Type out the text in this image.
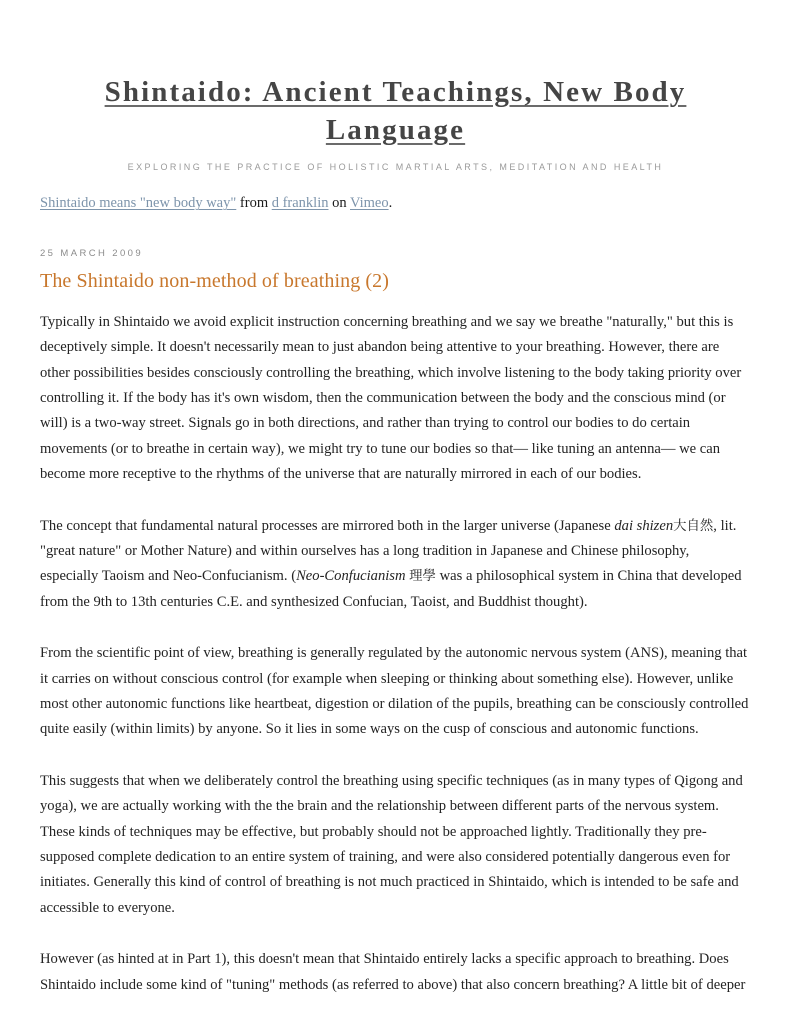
Shintaido: Ancient Teachings, New Body Language
EXPLORING THE PRACTICE OF HOLISTIC MARTIAL ARTS, MEDITATION AND HEALTH
Shintaido means "new body way" from d franklin on Vimeo.
25 MARCH 2009
The Shintaido non-method of breathing (2)

Typically in Shintaido we avoid explicit instruction concerning breathing and we say we breathe "naturally," but this is deceptively simple. It doesn't necessarily mean to just abandon being attentive to your breathing. However, there are other possibilities besides consciously controlling the breathing, which involve listening to the body taking priority over controlling it. If the body has it's own wisdom, then the communication between the body and the conscious mind (or will) is a two-way street. Signals go in both directions, and rather than trying to control our bodies to do certain movements (or to breathe in certain way), we might try to tune our bodies so that— like tuning an antenna— we can become more receptive to the rhythms of the universe that are naturally mirrored in each of our bodies.

The concept that fundamental natural processes are mirrored both in the larger universe (Japanese dai shizen大自然, lit. "great nature" or Mother Nature) and within ourselves has a long tradition in Japanese and Chinese philosophy, especially Taoism and Neo-Confucianism. (Neo-Confucianism 理學 was a philosophical system in China that developed from the 9th to 13th centuries C.E. and synthesized Confucian, Taoist, and Buddhist thought).

From the scientific point of view, breathing is generally regulated by the autonomic nervous system (ANS), meaning that it carries on without conscious control (for example when sleeping or thinking about something else). However, unlike most other autonomic functions like heartbeat, digestion or dilation of the pupils, breathing can be consciously controlled quite easily (within limits) by anyone. So it lies in some ways on the cusp of conscious and autonomic functions.

This suggests that when we deliberately control the breathing using specific techniques (as in many types of Qigong and yoga), we are actually working with the the brain and the relationship between different parts of the nervous system. These kinds of techniques may be effective, but probably should not be approached lightly. Traditionally they pre-supposed complete dedication to an entire system of training, and were also considered potentially dangerous even for initiates. Generally this kind of control of breathing is not much practiced in Shintaido, which is intended to be safe and accessible to everyone.

However (as hinted at in Part 1), this doesn't mean that Shintaido entirely lacks a specific approach to breathing. Does Shintaido include some kind of "tuning" methods (as referred to above) that also concern breathing? A little bit of deeper
